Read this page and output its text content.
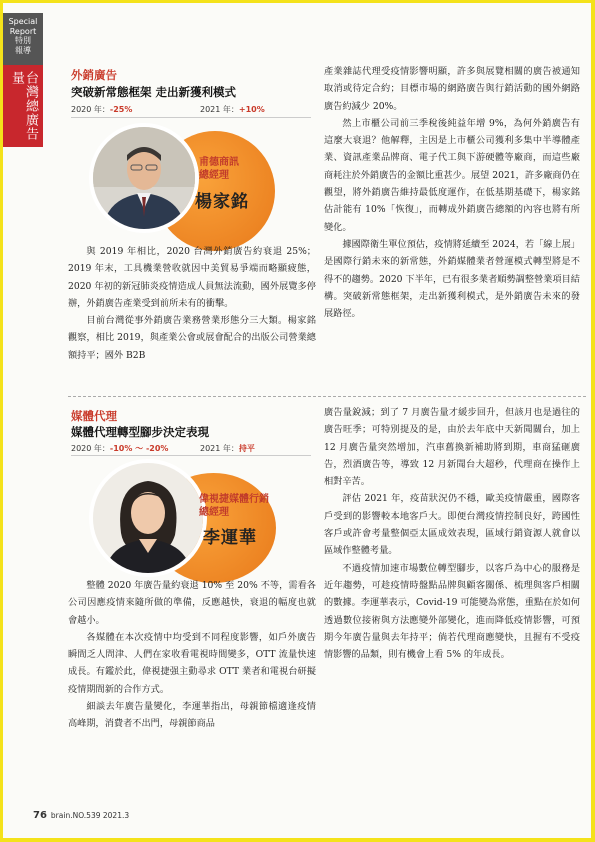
Special
Report
特別
報導
台灣總廣告量	外銷廣告
突破新常態框架 走出新獲利模式
2020 年：-25%	2021 年：+10%
甫德商訊
總經理
楊家銘

與 2019 年相比，2020 台灣外銷廣告約衰退 25%；2019 年末，工具機業營收就因中美貿易爭端而略顯疲態，2020 年初的新冠肺炎疫情造成人員無法流動，國外展覽多停辦，外銷廣告產業受到前所未有的衝擊。

目前台灣從事外銷廣告業務營業形態分三大類。楊家銘觀察，相比 2019，與產業公會或展會配合的出版公司營業總額持平；國外 B2B

產業雜誌代理受疫情影響明顯，許多與展覽相關的廣告被通知取消或待定合約；目標市場的網路廣告與行銷活動的國外網路廣告約減少 20%。

然上市櫃公司前三季稅後純益年增 9%，為何外銷廣告有這麼大衰退？他解釋，主因是上市櫃公司獲利多集中半導體產業、資訊產業品牌商、電子代工與下游硬體等廠商，而這些廠商耗注於外銷廣告的金額比重甚少。展望 2021，許多廠商仍在觀望，將外銷廣告維持最低度運作，在低基期基礎下，楊家銘估計能有 10%「恢復」，而轉成外銷廣告總額的內容也將有所變化。

據國際衛生單位預估，疫情將延續至 2024，若「線上展」是國際行銷未來的新常態，外銷媒體業者營運模式轉型將是不得不的趨勢。2020 下半年，已有很多業者順勢調整營業項目結構。突破新常態框架，走出新獲利模式，是外銷廣告未來的發展路徑。

媒體代理
媒體代理轉型腳步決定表現
2020 年：-10% ～ -20%	2021 年：持平
偉視捷媒體行銷
總經理
李運華

整體 2020 年廣告量約衰退 10% 至 20% 不等，需看各公司因應疫情來隨所做的準備，反應越快，衰退的幅度也就會越小。

各媒體在本次疫情中均受到不同程度影響，如戶外廣告瞬間乏人問津、人們在家收看電視時間變多，OTT 流量快速成長。有鑑於此，偉視捷强主動尋求 OTT 業者和電視台研擬疫情期間新的合作方式。

細談去年廣告量變化，李運華指出，母親節檔適逢疫情高峰期，消費者不出門，母親節商品

廣告量銳減；到了 7 月廣告量才緩步回升，但該月也是過往的廣告旺季；可特別提及的是，由於去年底中天新聞關台，加上 12 月廣告量突然增加，汽車舊換新補助將到期，車商猛砸廣告，烈酒廣告等，導致 12 月新聞台大超秒，代理商在操作上相對辛苦。

評估 2021 年，疫苗狀況仍不穩，歐美疫情嚴重，國際客戶受到的影響較本地客戶大。即便台灣疫情控制良好，跨國性客戶或許會考量整個亞太區成效表現，區域行銷資源人就會以區域作整體考量。

不過疫情加速市場數位轉型腳步，以客戶為中心的服務是近年趨勢，可趁疫情時盤點品牌與顧客關係、梳理與客戶相關的數據。李運華表示，Covid-19 可能變為常態，重點在於如何透過數位接術與方法應變外部變化，進而降低疫情影響，可預期今年廣告量與去年持平；倘若代理商應變快，且握有不受疫情影響的品類，則有機會上看 5% 的年成長。

76 brain.NO.539 2021.3
